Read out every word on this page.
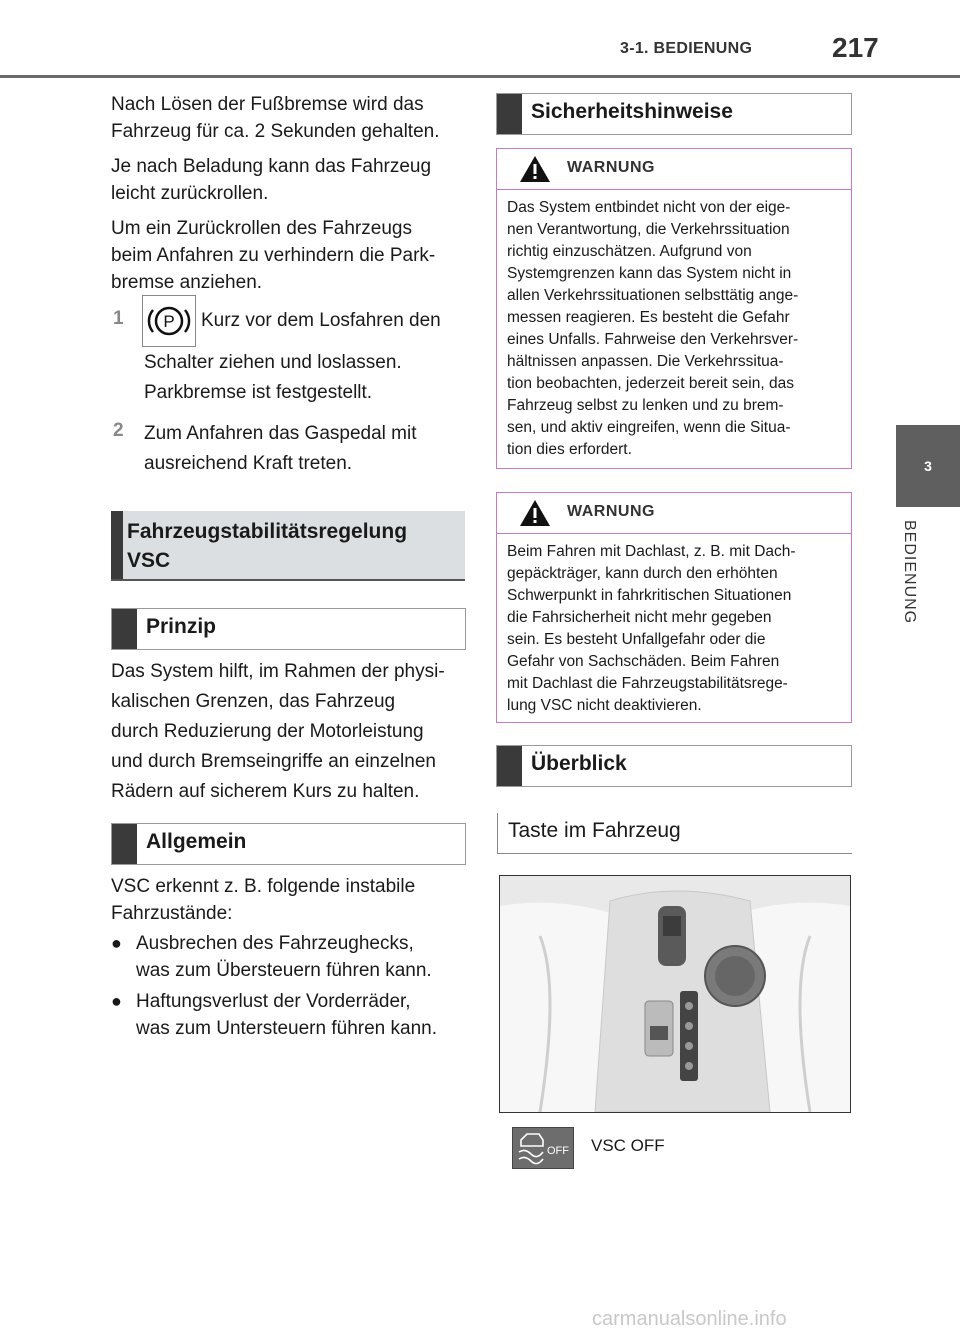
3-1. BEDIENUNG	217
3
BEDIENUNG
Nach Lösen der Fußbremse wird das
Fahrzeug für ca. 2 Sekunden gehalten.
Je nach Beladung kann das Fahrzeug
leicht zurückrollen.
Um ein Zurückrollen des Fahrzeugs
beim Anfahren zu verhindern die Park-
bremse anziehen.
1 P Kurz vor dem Losfahren den
Schalter ziehen und loslassen.
Parkbremse ist festgestellt.
2 Zum Anfahren das Gaspedal mit
ausreichend Kraft treten.
Fahrzeugstabilitätsregelung
VSC
Prinzip
Das System hilft, im Rahmen der physi-
kalischen Grenzen, das Fahrzeug
durch Reduzierung der Motorleistung
und durch Bremseingriffe an einzelnen
Rädern auf sicherem Kurs zu halten.
Allgemein
VSC erkennt z. B. folgende instabile
Fahrzustände:
● Ausbrechen des Fahrzeughecks,
was zum Übersteuern führen kann.
● Haftungsverlust der Vorderräder,
was zum Untersteuern führen kann.
Sicherheitshinweise
WARNUNG
Das System entbindet nicht von der eige-
nen Verantwortung, die Verkehrssituation
richtig einzuschätzen. Aufgrund von
Systemgrenzen kann das System nicht in
allen Verkehrssituationen selbsttätig ange-
messen reagieren. Es besteht die Gefahr
eines Unfalls. Fahrweise den Verkehrsver-
hältnissen anpassen. Die Verkehrssitua-
tion beobachten, jederzeit bereit sein, das
Fahrzeug selbst zu lenken und zu brem-
sen, und aktiv eingreifen, wenn die Situa-
tion dies erfordert.
WARNUNG
Beim Fahren mit Dachlast, z. B. mit Dach-
gepäckträger, kann durch den erhöhten
Schwerpunkt in fahrkritischen Situationen
die Fahrsicherheit nicht mehr gegeben
sein. Es besteht Unfallgefahr oder die
Gefahr von Sachschäden. Beim Fahren
mit Dachlast die Fahrzeugstabilitätsrege-
lung VSC nicht deaktivieren.
Überblick
Taste im Fahrzeug
OFF VSC OFF
carmanualsonline.info
